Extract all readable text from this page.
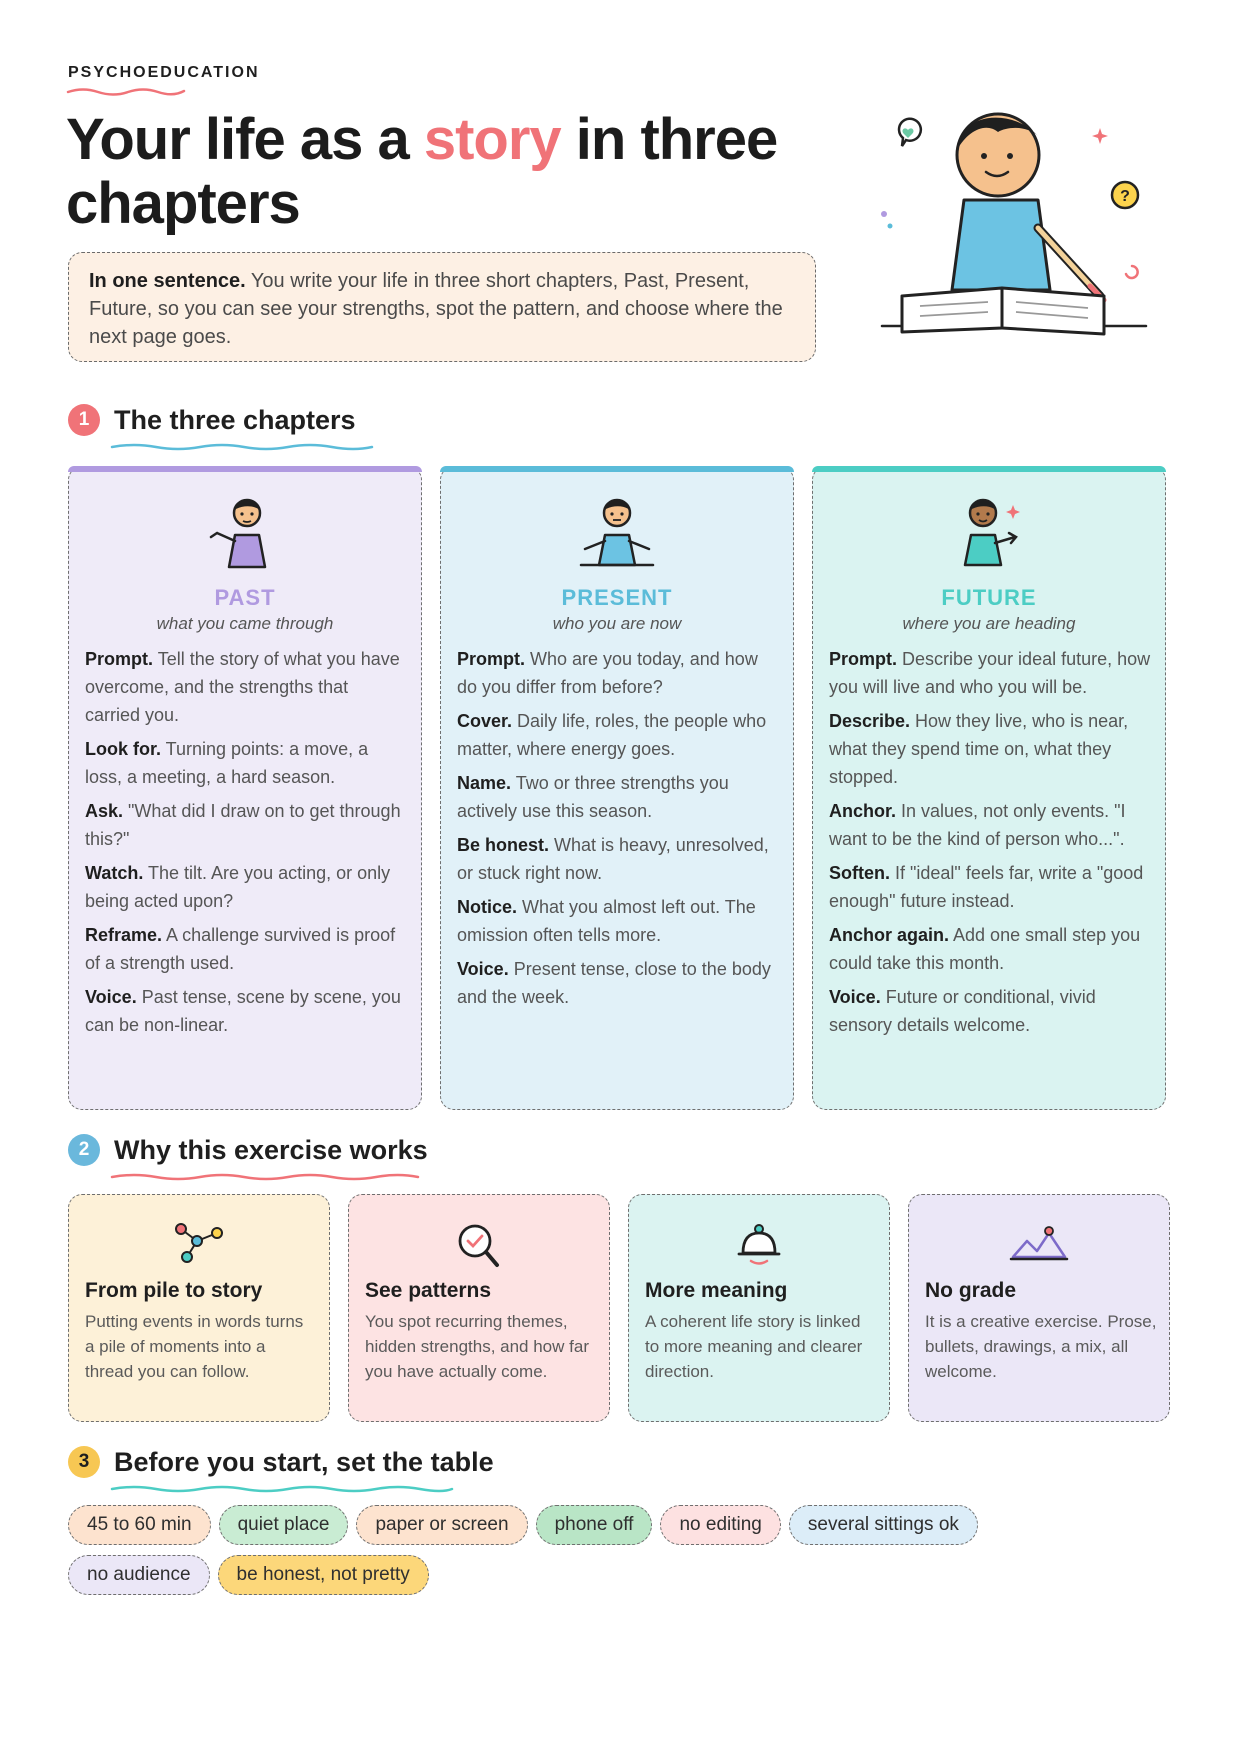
PSYCHOEDUCATION
Your life as a story in three chapters
In one sentence. You write your life in three short chapters, Past, Present, Future, so you can see your strengths, spot the pattern, and choose where the next page goes.
?
1 The three chapters
PAST
what you came through
Prompt. Tell the story of what you have overcome, and the strengths that carried you.
Look for. Turning points: a move, a loss, a meeting, a hard season.
Ask. "What did I draw on to get through this?"
Watch. The tilt. Are you acting, or only being acted upon?
Reframe. A challenge survived is proof of a strength used.
Voice. Past tense, scene by scene, you can be non-linear.
PRESENT
who you are now
Prompt. Who are you today, and how do you differ from before?
Cover. Daily life, roles, the people who matter, where energy goes.
Name. Two or three strengths you actively use this season.
Be honest. What is heavy, unresolved, or stuck right now.
Notice. What you almost left out. The omission often tells more.
Voice. Present tense, close to the body and the week.
FUTURE
where you are heading
Prompt. Describe your ideal future, how you will live and who you will be.
Describe. How they live, who is near, what they spend time on, what they stopped.
Anchor. In values, not only events. "I want to be the kind of person who...".
Soften. If "ideal" feels far, write a "good enough" future instead.
Anchor again. Add one small step you could take this month.
Voice. Future or conditional, vivid sensory details welcome.
2 Why this exercise works
From pile to story
Putting events in words turns a pile of moments into a thread you can follow.
See patterns
You spot recurring themes, hidden strengths, and how far you have actually come.
More meaning
A coherent life story is linked to more meaning and clearer direction.
No grade
It is a creative exercise. Prose, bullets, drawings, a mix, all welcome.
3 Before you start, set the table
45 to 60 min quiet place paper or screen phone off no editing several sittings ok
no audience be honest, not pretty
